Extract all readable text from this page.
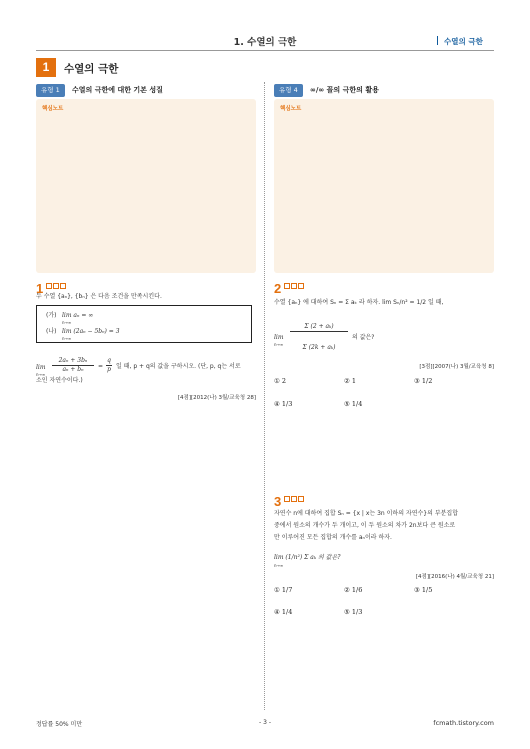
1. 수열의 극한	수열의 극한
1	수열의 극한
유형 1	수열의 극한에 대한 기본 성질
핵심노트
유형 4	∞/∞ 꼴의 극한의 활용
핵심노트
1
두 수열 {aₙ}, {bₙ} 은 다음 조건을 만족시킨다.
(가) lim aₙ = ∞
n→∞
(나) lim (2aₙ − 5bₙ) = 3
n→∞
lim
n→∞
2aₙ + 3bₙ
aₙ + bₙ	=
q
p 일 때, p + q의 값을 구하시오. (단, p, q는 서로
소인 자연수이다.)
[4점][2012(나) 3월/교육청 28]
2
수열 {aₙ} 에 대하여 Sₙ = Σ aₖ 라 하자. lim Sₙ/n² = 1/2 일 때,
lim
n→∞
Σ (2 + aₖ)
Σ (2k + aₖ)
의 값은?
[3점][2007(나) 3월/교육청 8]
① 2	② 1	③ 1/2
④ 1/3	⑤ 1/4
3
자연수 n에 대하여 집합 Sₙ = {x | x는 3n 이하의 자연수}의 부분집합
중에서 원소의 개수가 두 개이고, 이 두 원소의 차가 2n보다 큰 원소로
만 이루어진 모든 집합의 개수를 aₙ이라 하자.
lim (1/n²) Σ aₖ 의 값은?
n→∞
[4점][2016(나) 4월/교육청 21]
① 1/7	② 1/6	③ 1/5
④ 1/4	⑤ 1/3
정답률 50% 미만	- 3 -	fcmath.tistory.com
